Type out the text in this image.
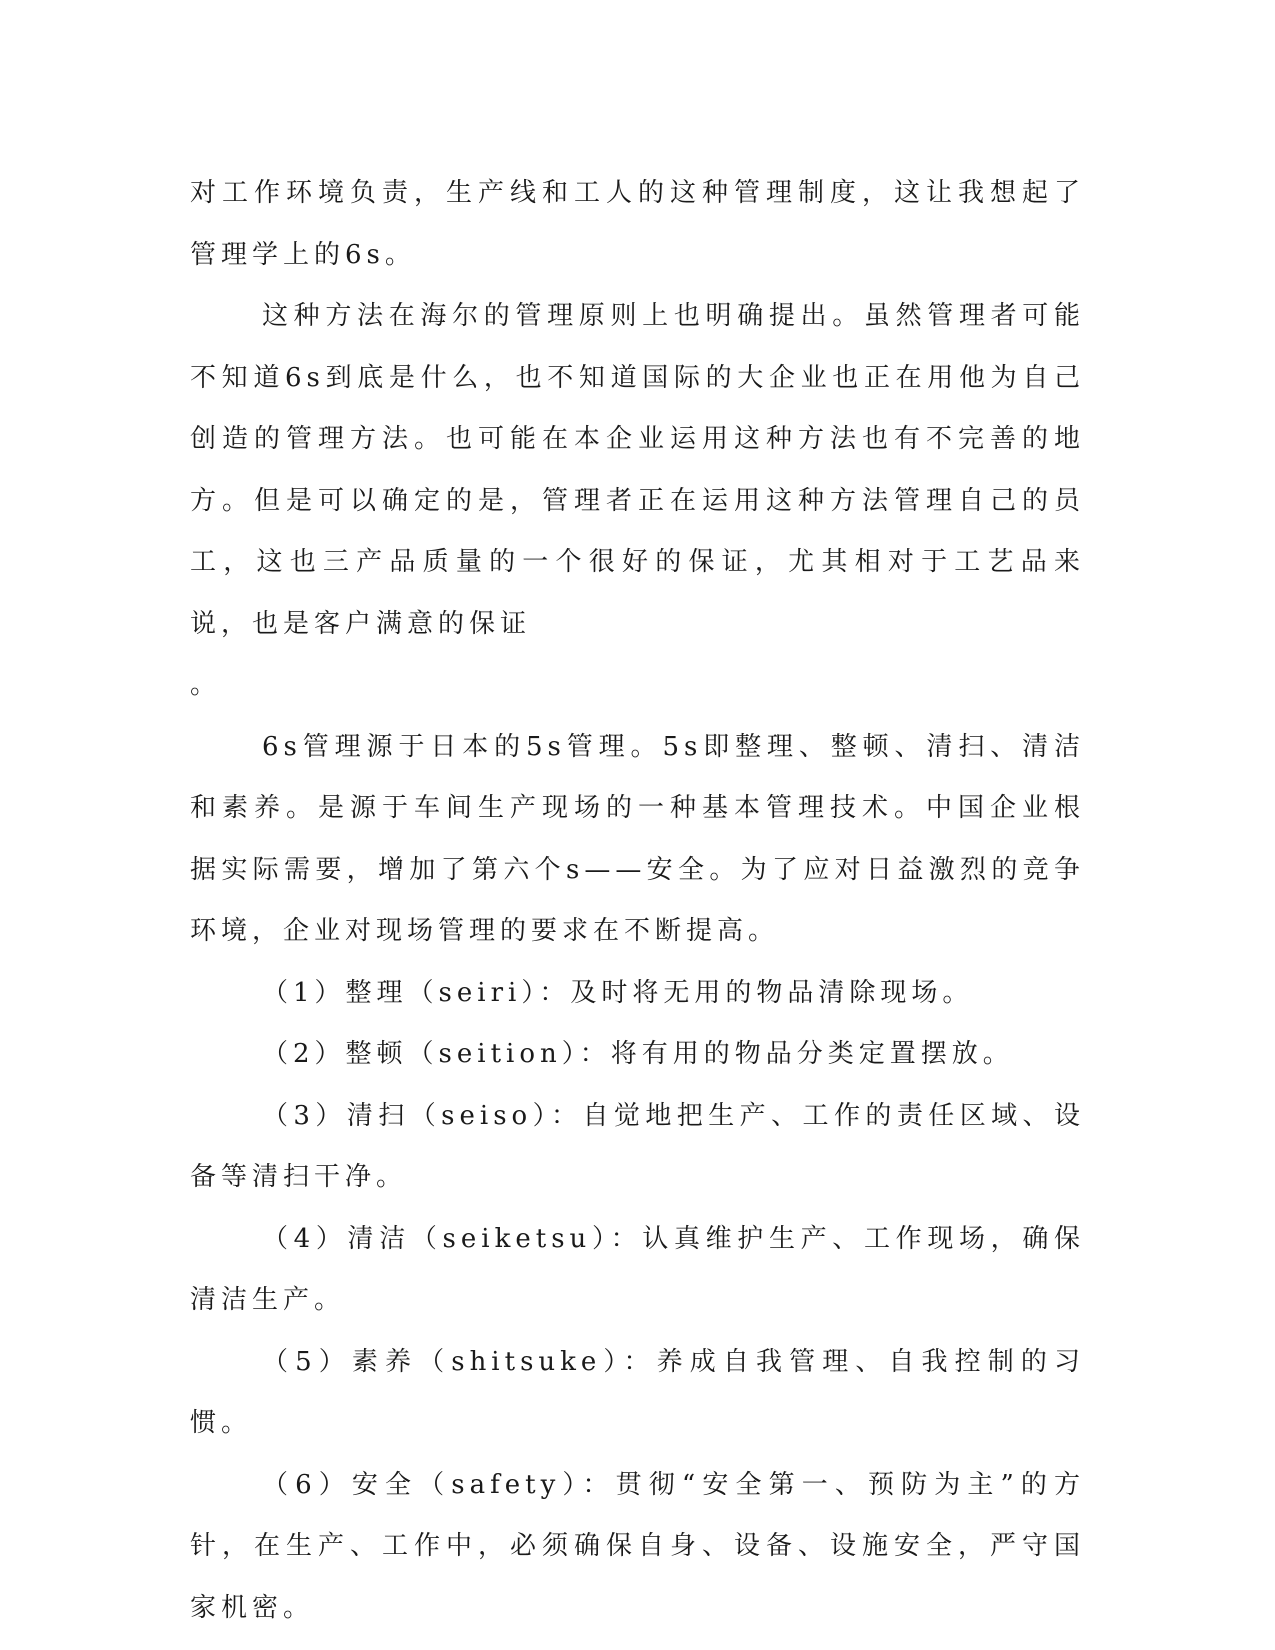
对工作环境负责，生产线和工人的这种管理制度，这让我想起了管理学上的6s。

这种方法在海尔的管理原则上也明确提出。虽然管理者可能不知道6s到底是什么，也不知道国际的大企业也正在用他为自己创造的管理方法。也可能在本企业运用这种方法也有不完善的地方。但是可以确定的是，管理者正在运用这种方法管理自己的员工，这也三产品质量的一个很好的保证，尤其相对于工艺品来说，也是客户满意的保证
。

6s管理源于日本的5s管理。5s即整理、整顿、清扫、清洁和素养。是源于车间生产现场的一种基本管理技术。中国企业根据实际需要，增加了第六个s——安全。为了应对日益激烈的竞争环境，企业对现场管理的要求在不断提高。

（1）整理（seiri）：及时将无用的物品清除现场。

（2）整顿（seition）：将有用的物品分类定置摆放。

（3）清扫（seiso）：自觉地把生产、工作的责任区域、设备等清扫干净。

（4）清洁（seiketsu）：认真维护生产、工作现场，确保清洁生产。

（5）素养（shitsuke）：养成自我管理、自我控制的习惯。

（6）安全（safety）：贯彻“安全第一、预防为主”的方针，在生产、工作中，必须确保自身、设备、设施安全，严守国家机密。
